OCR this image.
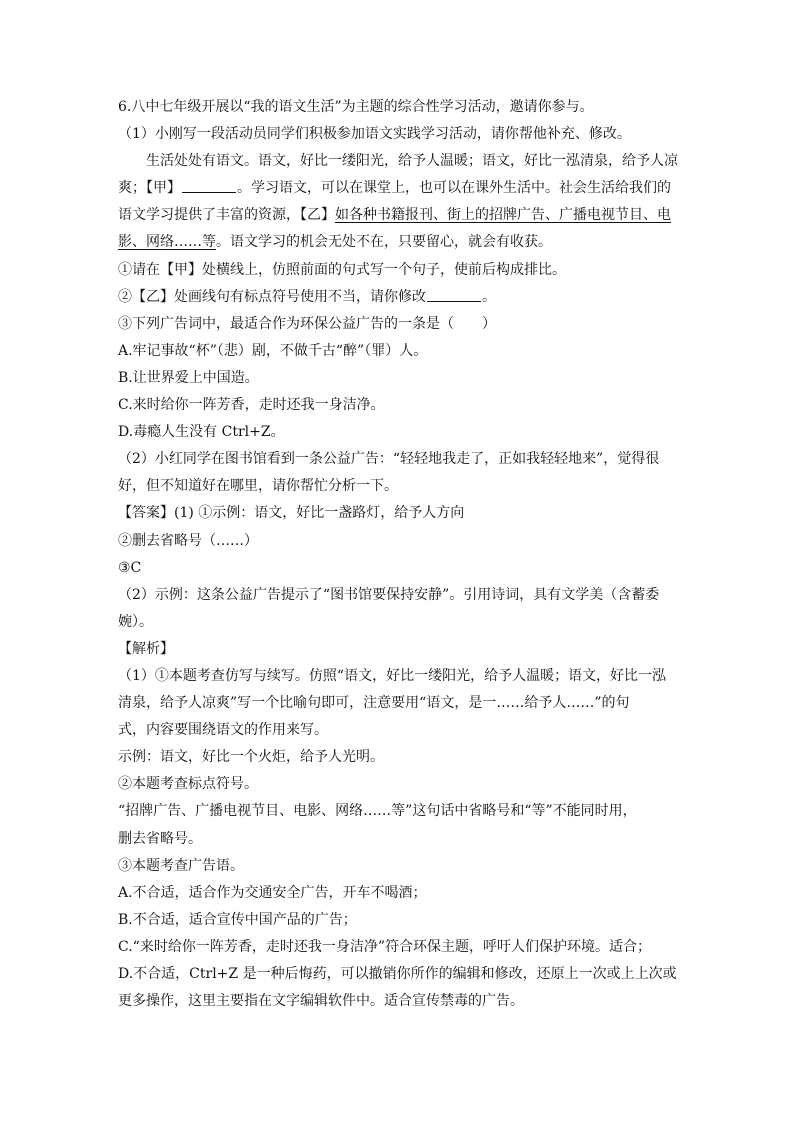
6.八中七年级开展以“我的语文生活”为主题的综合性学习活动，邀请你参与。
（1）小刚写一段活动员同学们积极参加语文实践学习活动，请你帮他补充、修改。
生活处处有语文。语文，好比一缕阳光，给予人温暖；语文，好比一泓清泉，给予人凉
爽；【甲】	。学习语文，可以在课堂上，也可以在课外生活中。社会生活给我们的
语文学习提供了丰富的资源，【乙】如各种书籍报刊、街上的招牌广告、广播电视节目、电
影、网络……等。语文学习的机会无处不在，只要留心，就会有收获。
①请在【甲】处横线上，仿照前面的句式写一个句子，使前后构成排比。
②【乙】处画线句有标点符号使用不当，请你修改	。
③下列广告词中，最适合作为环保公益广告的一条是（　　）
A.牢记事故“杯”（悲）剧，不做千古“醉”（罪）人。
B.让世界爱上中国造。
C.来时给你一阵芳香，走时还我一身洁净。
D.毒瘾人生没有 Ctrl+Z。
（2）小红同学在图书馆看到一条公益广告：“轻轻地我走了，正如我轻轻地来”，觉得很
好，但不知道好在哪里，请你帮忙分析一下。
【答案】(1) ①示例：语文，好比一盏路灯，给予人方向
②删去省略号（……）
③C
（2）示例：这条公益广告提示了“图书馆要保持安静”。引用诗词，具有文学美（含蓄委
婉）。
【解析】
（1）①本题考查仿写与续写。仿照“语文，好比一缕阳光，给予人温暖；语文，好比一泓
清泉，给予人凉爽”写一个比喻句即可，注意要用“语文，是一……给予人……”的句
式，内容要围绕语文的作用来写。
示例：语文，好比一个火炬，给予人光明。
②本题考查标点符号。
“招牌广告、广播电视节目、电影、网络……等”这句话中省略号和“等”不能同时用，
删去省略号。
③本题考查广告语。
A.不合适，适合作为交通安全广告，开车不喝酒；
B.不合适，适合宣传中国产品的广告；
C.“来时给你一阵芳香，走时还我一身洁净”符合环保主题，呼吁人们保护环境。适合；
D.不合适，Ctrl+Z 是一种后悔药，可以撤销你所作的编辑和修改，还原上一次或上上次或
更多操作，这里主要指在文字编辑软件中。适合宣传禁毒的广告。
